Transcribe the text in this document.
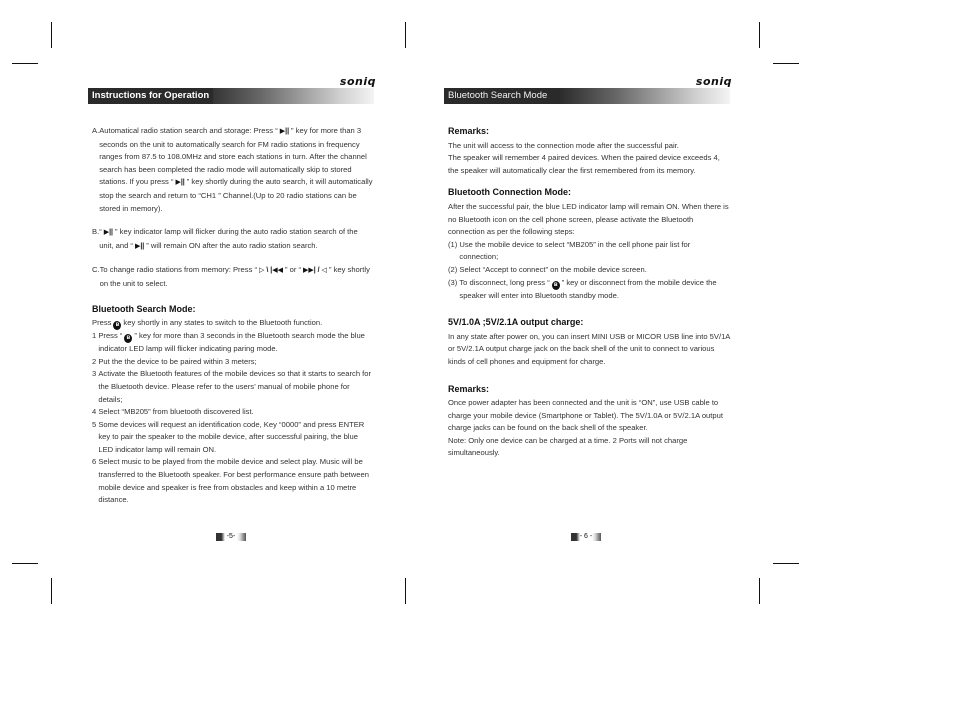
soniq
Instructions for Operation
A. Automatical radio station search and storage: Press “ ▶|| ” key for more than 3 seconds on the unit to automatically search for FM radio stations in frequency ranges from 87.5 to 108.0MHz and store each stations in turn. After the channel search has been completed the radio mode will automatically skip to stored stations. If you press “ ▶|| ” key shortly during the auto search, it will automatically stop the search and return to “CH1 ” Channel.(Up to 20 radio stations can be stored in memory).

B. “ ▶|| ” key indicator lamp will flicker during the auto radio station search of the unit, and “ ▶|| ” will remain ON after the auto radio station search.

C. To change radio stations from memory: Press “ ▷ \ |◀◀ ” or “ ▶▶| / ◁ ” key shortly on the unit to select.

Bluetooth Search Mode:

Press ʙ key shortly in any states to switch to the Bluetooth function.

1 Press “ ʙ ” key for more than 3 seconds in the Bluetooth search mode the blue indicator LED lamp will flicker indicating paring mode.

2 Put the the device to be paired within 3 meters;

3 Activate the Bluetooth features of the mobile devices so that it starts to search for the Bluetooth device. Please refer to the users’ manual of mobile phone for details;

4 Select “MB205” from bluetooth discovered list.

5 Some devices will request an identification code, Key “0000” and press ENTER key to pair the speaker to the mobile device, after successful pairing, the blue LED indicator lamp will remain ON.

6 Select music to be played from the mobile device and select play. Music will be transferred to the Bluetooth speaker. For best performance ensure path between mobile device and speaker is free from obstacles and keep within a 10 metre distance.

-5-
soniq
Bluetooth Search Mode
Remarks:

The unit will access to the connection mode after the successful pair.

The speaker will remember 4 paired devices. When the paired device exceeds 4, the speaker will automatically clear the first remembered from its memory.

Bluetooth Connection Mode:

After the successful pair, the blue LED indicator lamp will remain ON. When there is no Bluetooth icon on the cell phone screen, please activate the Bluetooth connection as per the following steps:

(1) Use the mobile device to select “MB205” in the cell phone pair list for connection;

(2) Select “Accept to connect” on the mobile device screen.

(3) To disconnect, long press “ ʙ ” key or disconnect from the mobile device the speaker will enter into Bluetooth standby mode.

5V/1.0A ;5V/2.1A output charge:

In any state after power on, you can insert MINI USB or MICOR USB line into 5V/1A or 5V/2.1A output charge jack on the back shell of the unit to connect to various kinds of cell phones and equipment for charge.

Remarks:

Once power adapter has been connected and the unit is “ON”, use USB cable to charge your mobile device (Smartphone or Tablet). The 5V/1.0A or 5V/2.1A output charge jacks can be found on the back shell of the speaker.

Note: Only one device can be charged at a time. 2 Ports will not charge simultaneously.

- 6 -
